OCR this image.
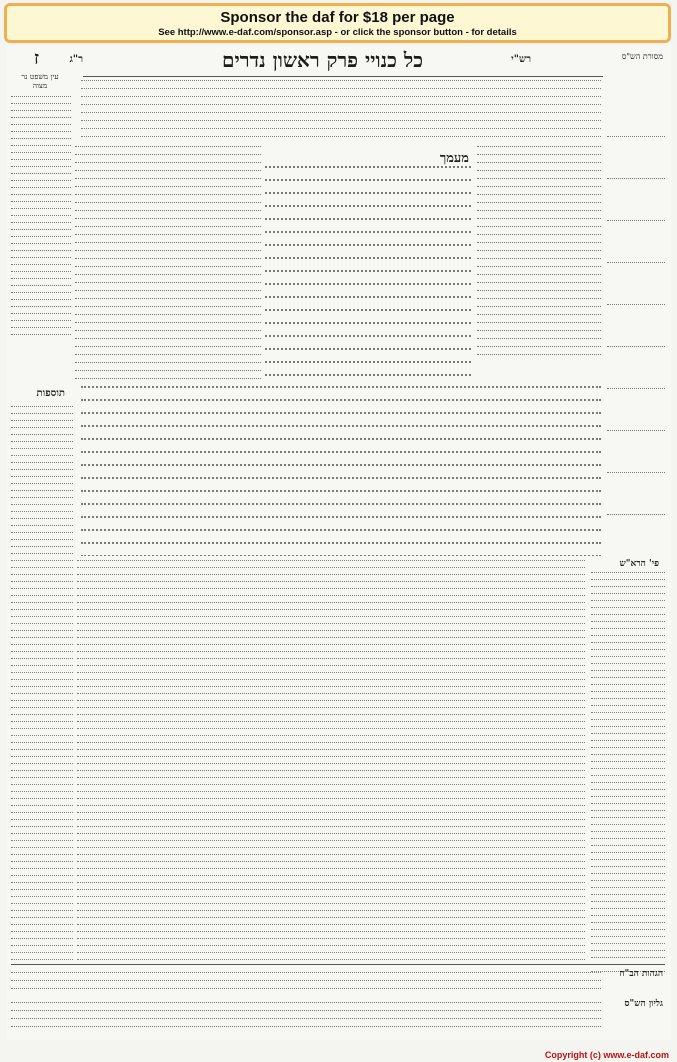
Sponsor the daf for $18 per page
See http://www.e-daf.com/sponsor.asp - or click the sponsor button - for details
מסורת הש"ס
רש"י
כל כנויי פרק ראשון נדרים
ר"ג
ז
עין משפט נר מצוה
מעמך
תוספות
פי' הרא"ש
הגהות הב"ח
גליון הש"ס
Copyright (c) www.e-daf.com
